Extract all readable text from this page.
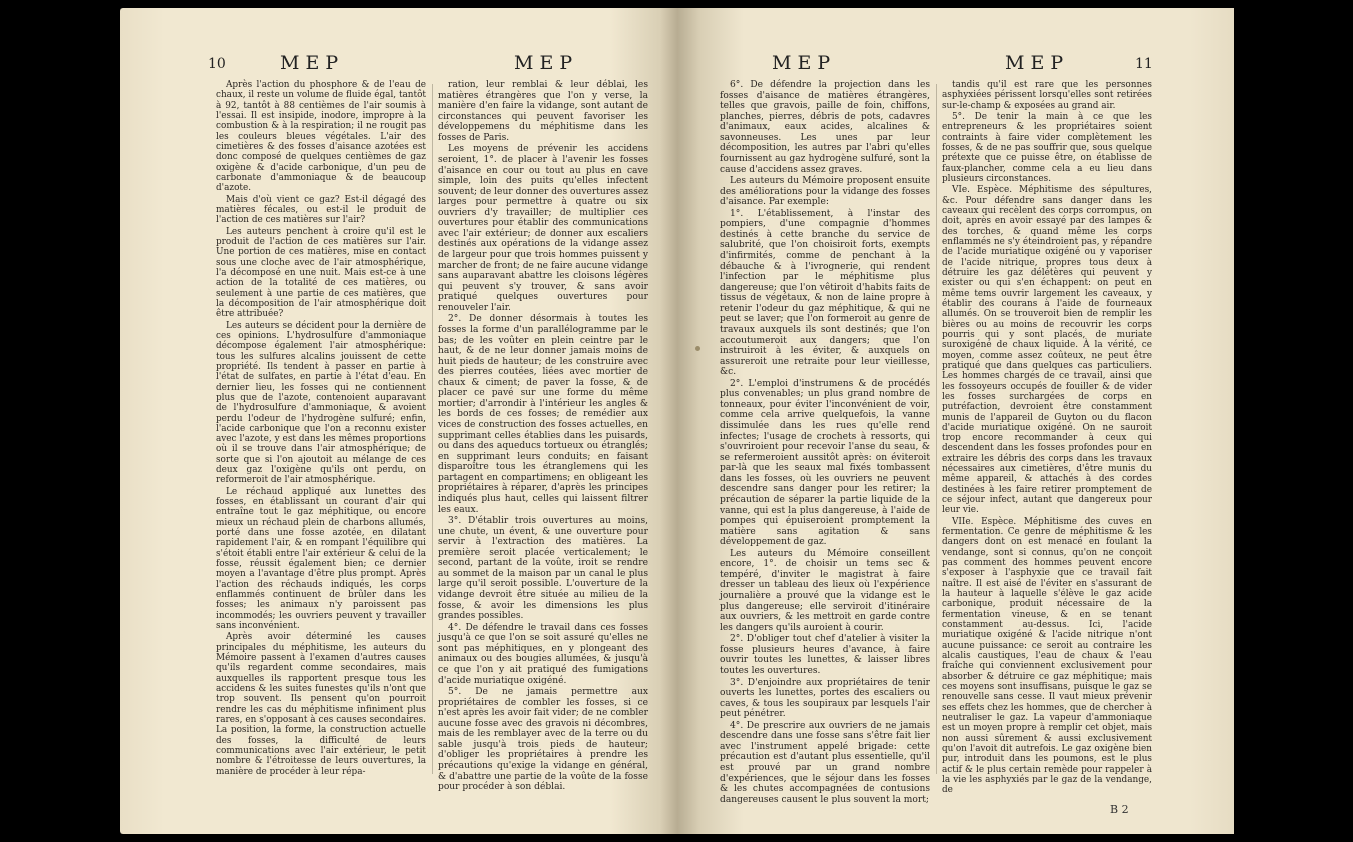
10	MEP	MEP

Après l'action du phosphore & de l'eau de chaux, il reste un volume de fluide égal, tantôt à 92, tantôt à 88 centièmes de l'air soumis à l'essai. Il est insipide, inodore, impropre à la combustion & à la respiration; il ne rougit pas les couleurs bleues végétales. L'air des cimetières & des fosses d'aisance azotées est donc composé de quelques centièmes de gaz oxigène & d'acide carbonique, d'un peu de carbonate d'ammoniaque & de beaucoup d'azote.

Mais d'où vient ce gaz? Est-il dégagé des matières fécales, ou est-il le produit de l'action de ces matières sur l'air?

Les auteurs penchent à croire qu'il est le produit de l'action de ces matières sur l'air. Une portion de ces matières, mise en contact sous une cloche avec de l'air atmosphérique, l'a décomposé en une nuit. Mais est-ce à une action de la totalité de ces matières, ou seulement à une partie de ces matières, que la décomposition de l'air atmosphérique doit être attribuée?

Les auteurs se décident pour la dernière de ces opinions. L'hydrosulfure d'ammoniaque décompose également l'air atmosphérique: tous les sulfures alcalins jouissent de cette propriété. Ils tendent à passer en partie à l'état de sulfates, en partie à l'état d'eau. En dernier lieu, les fosses qui ne contiennent plus que de l'azote, contenoient auparavant de l'hydrosulfure d'ammoniaque, & avoient perdu l'odeur de l'hydrogène sulfuré; enfin, l'acide carbonique que l'on a reconnu exister avec l'azote, y est dans les mêmes proportions où il se trouve dans l'air atmosphérique; de sorte que si l'on ajoutoit au mélange de ces deux gaz l'oxigène qu'ils ont perdu, on reformeroit de l'air atmosphérique.

Le réchaud appliqué aux lunettes des fosses, en établissant un courant d'air qui entraîne tout le gaz méphitique, ou encore mieux un réchaud plein de charbons allumés, porté dans une fosse azotée, en dilatant rapidement l'air, & en rompant l'équilibre qui s'étoit établi entre l'air extérieur & celui de la fosse, réussit également bien; ce dernier moyen a l'avantage d'être plus prompt. Après l'action des réchauds indiqués, les corps enflammés continuent de brûler dans les fosses; les animaux n'y paroissent pas incommodés; les ouvriers peuvent y travailler sans inconvénient.

Après avoir déterminé les causes principales du méphitisme, les auteurs du Mémoire passent à l'examen d'autres causes qu'ils regardent comme secondaires, mais auxquelles ils rapportent presque tous les accidens & les suites funestes qu'ils n'ont que trop souvent. Ils pensent qu'on pourroit rendre les cas du méphitisme infiniment plus rares, en s'opposant à ces causes secondaires. La position, la forme, la construction actuelle des fosses, la difficulté de leurs communications avec l'air extérieur, le petit nombre & l'étroitesse de leurs ouvertures, la manière de procéder à leur répa-

ration, leur remblai & leur déblai, les matières étrangères que l'on y verse, la manière d'en faire la vidange, sont autant de circonstances qui peuvent favoriser les développemens du méphitisme dans les fosses de Paris.

Les moyens de prévenir les accidens seroient, 1°. de placer à l'avenir les fosses d'aisance en cour ou tout au plus en cave simple, loin des puits qu'elles infectent souvent; de leur donner des ouvertures assez larges pour permettre à quatre ou six ouvriers d'y travailler; de multiplier ces ouvertures pour établir des communications avec l'air extérieur; de donner aux escaliers destinés aux opérations de la vidange assez de largeur pour que trois hommes puissent y marcher de front; de ne faire aucune vidange sans auparavant abattre les cloisons légères qui peuvent s'y trouver, & sans avoir pratiqué quelques ouvertures pour renouveler l'air.

2°. De donner désormais à toutes les fosses la forme d'un parallélogramme par le bas; de les voûter en plein ceintre par le haut, & de ne leur donner jamais moins de huit pieds de hauteur; de les construire avec des pierres coutées, liées avec mortier de chaux & ciment; de paver la fosse, & de placer ce pavé sur une forme du même mortier; d'arrondir à l'intérieur les angles & les bords de ces fosses; de remédier aux vices de construction des fosses actuelles, en supprimant celles établies dans les puisards, ou dans des aqueducs tortueux ou étranglés; en supprimant leurs conduits; en faisant disparoître tous les étranglemens qui les partagent en compartimens; en obligeant les propriétaires à réparer, d'après les principes indiqués plus haut, celles qui laissent filtrer les eaux.

3°. D'établir trois ouvertures au moins, une chute, un évent, & une ouverture pour servir à l'extraction des matières. La première seroit placée verticalement; le second, partant de la voûte, iroit se rendre au sommet de la maison par un canal le plus large qu'il seroit possible. L'ouverture de la vidange devroit être située au milieu de la fosse, & avoir les dimensions les plus grandes possibles.

4°. De défendre le travail dans ces fosses jusqu'à ce que l'on se soit assuré qu'elles ne sont pas méphitiques, en y plongeant des animaux ou des bougies allumées, & jusqu'à ce que l'on y ait pratiqué des fumigations d'acide muriatique oxigéné.

5°. De ne jamais permettre aux propriétaires de combler les fosses, si ce n'est après les avoir fait vider; de ne combler aucune fosse avec des gravois ni décombres, mais de les remblayer avec de la terre ou du sable jusqu'à trois pieds de hauteur; d'obliger les propriétaires à prendre les précautions qu'exige la vidange en général, & d'abattre une partie de la voûte de la fosse pour procéder à son déblai.

MEP	MEP	11

6°. De défendre la projection dans les fosses d'aisance de matières étrangères, telles que gravois, paille de foin, chiffons, planches, pierres, débris de pots, cadavres d'animaux, eaux acides, alcalines & savonneuses. Les unes par leur décomposition, les autres par l'abri qu'elles fournissent au gaz hydrogène sulfuré, sont la cause d'accidens assez graves.

Les auteurs du Mémoire proposent ensuite des améliorations pour la vidange des fosses d'aisance. Par exemple:

1°. L'établissement, à l'instar des pompiers, d'une compagnie d'hommes destinés à cette branche du service de salubrité, que l'on choisiroit forts, exempts d'infirmités, comme de penchant à la débauche & à l'ivrognerie, qui rendent l'infection par le méphitisme plus dangereuse; que l'on vêtiroit d'habits faits de tissus de végétaux, & non de laine propre à retenir l'odeur du gaz méphitique, & qui ne peut se laver; que l'on formeroit au genre de travaux auxquels ils sont destinés; que l'on accoutumeroit aux dangers; que l'on instruiroit à les éviter, & auxquels on assureroit une retraite pour leur vieillesse, &c.

2°. L'emploi d'instrumens & de procédés plus convenables; un plus grand nombre de tonneaux, pour éviter l'inconvénient de voir, comme cela arrive quelquefois, la vanne dissimulée dans les rues qu'elle rend infectes; l'usage de crochets à ressorts, qui s'ouvriroient pour recevoir l'anse du seau, & se refermeroient aussitôt après: on éviteroit par-là que les seaux mal fixés tombassent dans les fosses, où les ouvriers ne peuvent descendre sans danger pour les retirer; la précaution de séparer la partie liquide de la vanne, qui est la plus dangereuse, à l'aide de pompes qui épuiseroient promptement la matière sans agitation & sans développement de gaz.

Les auteurs du Mémoire conseillent encore, 1°. de choisir un tems sec & tempéré, d'inviter le magistrat à faire dresser un tableau des lieux où l'expérience journalière a prouvé que la vidange est le plus dangereuse; elle serviroit d'itinéraire aux ouvriers, & les mettroit en garde contre les dangers qu'ils auroient à courir.

2°. D'obliger tout chef d'atelier à visiter la fosse plusieurs heures d'avance, à faire ouvrir toutes les lunettes, & laisser libres toutes les ouvertures.

3°. D'enjoindre aux propriétaires de tenir ouverts les lunettes, portes des escaliers ou caves, & tous les soupiraux par lesquels l'air peut pénétrer.

4°. De prescrire aux ouvriers de ne jamais descendre dans une fosse sans s'être fait lier avec l'instrument appelé brigade: cette précaution est d'autant plus essentielle, qu'il est prouvé par un grand nombre d'expériences, que le séjour dans les fosses & les chutes accompagnées de contusions dangereuses causent le plus souvent la mort;

tandis qu'il est rare que les personnes asphyxiées périssent lorsqu'elles sont retirées sur-le-champ & exposées au grand air.

5°. De tenir la main à ce que les entrepreneurs & les propriétaires soient contraints à faire vider complètement les fosses, & de ne pas souffrir que, sous quelque prétexte que ce puisse être, on établisse de faux-plancher, comme cela a eu lieu dans plusieurs circonstances.

VIe. Espèce. Méphitisme des sépultures, &c. Pour défendre sans danger dans les caveaux qui recèlent des corps corrompus, on doit, après en avoir essayé par des lampes & des torches, & quand même les corps enflammés ne s'y éteindroient pas, y répandre de l'acide muriatique oxigéné ou y vaporiser de l'acide nitrique, propres tous deux à détruire les gaz délétères qui peuvent y exister ou qui s'en échappent: on peut en même tems ouvrir largement les caveaux, y établir des courans à l'aide de fourneaux allumés. On se trouveroit bien de remplir les bières ou au moins de recouvrir les corps pourris qui y sont placés, de muriate suroxigéné de chaux liquide. À la vérité, ce moyen, comme assez coûteux, ne peut être pratiqué que dans quelques cas particuliers. Les hommes chargés de ce travail, ainsi que les fossoyeurs occupés de fouiller & de vider les fosses surchargées de corps en putréfaction, devroient être constamment munis de l'appareil de Guyton ou du flacon d'acide muriatique oxigéné. On ne sauroit trop encore recommander à ceux qui descendent dans les fosses profondes pour en extraire les débris des corps dans les travaux nécessaires aux cimetières, d'être munis du même appareil, & attachés à des cordes destinées à les faire retirer promptement de ce séjour infect, autant que dangereux pour leur vie.

VIIe. Espèce. Méphitisme des cuves en fermentation. Ce genre de méphitisme & les dangers dont on est menacé en foulant la vendange, sont si connus, qu'on ne conçoit pas comment des hommes peuvent encore s'exposer à l'asphyxie que ce travail fait naître. Il est aisé de l'éviter en s'assurant de la hauteur à laquelle s'élève le gaz acide carbonique, produit nécessaire de la fermentation vineuse, & en se tenant constamment au-dessus. Ici, l'acide muriatique oxigéné & l'acide nitrique n'ont aucune puissance: ce seroit au contraire les alcalis caustiques, l'eau de chaux & l'eau fraîche qui conviennent exclusivement pour absorber & détruire ce gaz méphitique; mais ces moyens sont insuffisans, puisque le gaz se renouvelle sans cesse. Il vaut mieux prévenir ses effets chez les hommes, que de chercher à neutraliser le gaz. La vapeur d'ammoniaque est un moyen propre à remplir cet objet, mais non aussi sûrement & aussi exclusivement qu'on l'avoit dit autrefois. Le gaz oxigène bien pur, introduit dans les poumons, est le plus actif & le plus certain remède pour rappeler à la vie les asphyxiés par le gaz de la vendange, de

B 2
